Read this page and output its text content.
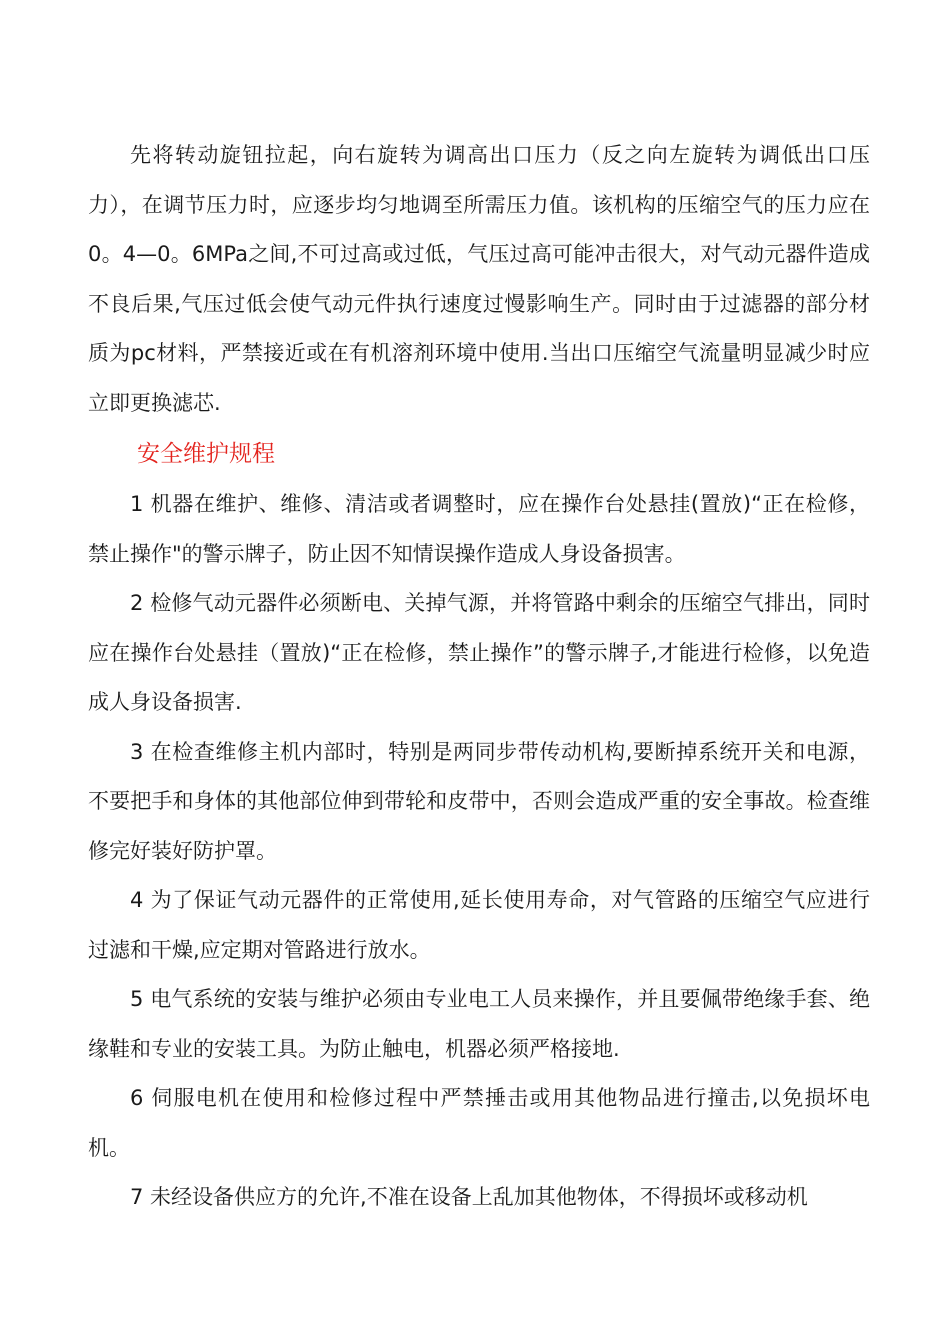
先将转动旋钮拉起，向右旋转为调高出口压力（反之向左旋转为调低出口压力），在调节压力时，应逐步均匀地调至所需压力值。该机构的压缩空气的压力应在0。4—0。6MPa之间,不可过高或过低，气压过高可能冲击很大，对气动元器件造成不良后果,气压过低会使气动元件执行速度过慢影响生产。同时由于过滤器的部分材质为pc材料，严禁接近或在有机溶剂环境中使用.当出口压缩空气流量明显减少时应立即更换滤芯.

安全维护规程

1 机器在维护、维修、清洁或者调整时，应在操作台处悬挂(置放)“正在检修，禁止操作"的警示牌子，防止因不知情误操作造成人身设备损害。

2 检修气动元器件必须断电、关掉气源，并将管路中剩余的压缩空气排出，同时应在操作台处悬挂（置放)“正在检修，禁止操作”的警示牌子,才能进行检修，以免造成人身设备损害.

3 在检查维修主机内部时，特别是两同步带传动机构,要断掉系统开关和电源，不要把手和身体的其他部位伸到带轮和皮带中，否则会造成严重的安全事故。检查维修完好装好防护罩。

4 为了保证气动元器件的正常使用,延长使用寿命，对气管路的压缩空气应进行过滤和干燥,应定期对管路进行放水。

5 电气系统的安装与维护必须由专业电工人员来操作，并且要佩带绝缘手套、绝缘鞋和专业的安装工具。为防止触电，机器必须严格接地.

6 伺服电机在使用和检修过程中严禁捶击或用其他物品进行撞击,以免损坏电机。

7 未经设备供应方的允许,不准在设备上乱加其他物体，不得损坏或移动机
